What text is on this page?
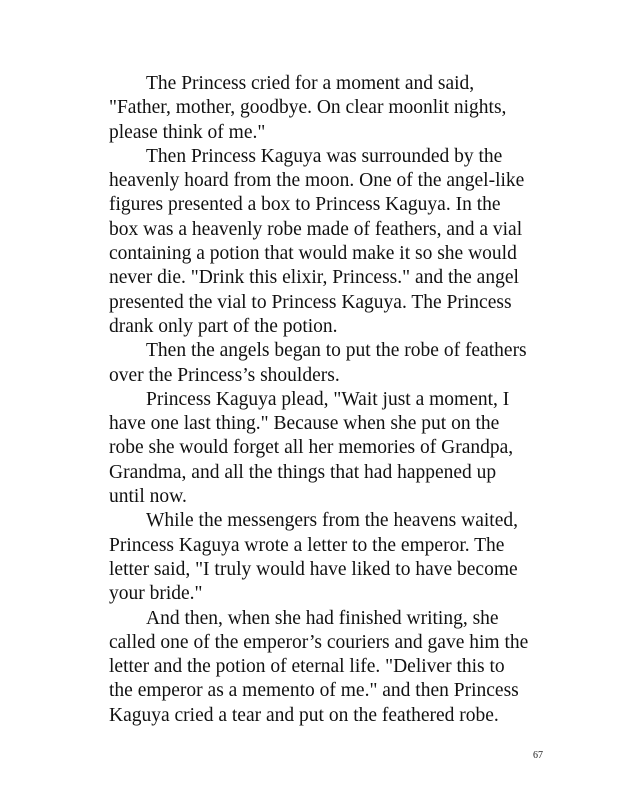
The Princess cried for a moment and said,
"Father, mother, goodbye. On clear moonlit nights,
please think of me."
Then Princess Kaguya was surrounded by the
heavenly hoard from the moon. One of the angel-like
figures presented a box to Princess Kaguya. In the
box was a heavenly robe made of feathers, and a vial
containing a potion that would make it so she would
never die. "Drink this elixir, Princess." and the angel
presented the vial to Princess Kaguya. The Princess
drank only part of the potion.
Then the angels began to put the robe of feathers
over the Princess’s shoulders.
Princess Kaguya plead, "Wait just a moment, I
have one last thing." Because when she put on the
robe she would forget all her memories of Grandpa,
Grandma, and all the things that had happened up
until now.
While the messengers from the heavens waited,
Princess Kaguya wrote a letter to the emperor. The
letter said, "I truly would have liked to have become
your bride."
And then, when she had finished writing, she
called one of the emperor’s couriers and gave him the
letter and the potion of eternal life. "Deliver this to
the emperor as a memento of me." and then Princess
Kaguya cried a tear and put on the feathered robe.
67
